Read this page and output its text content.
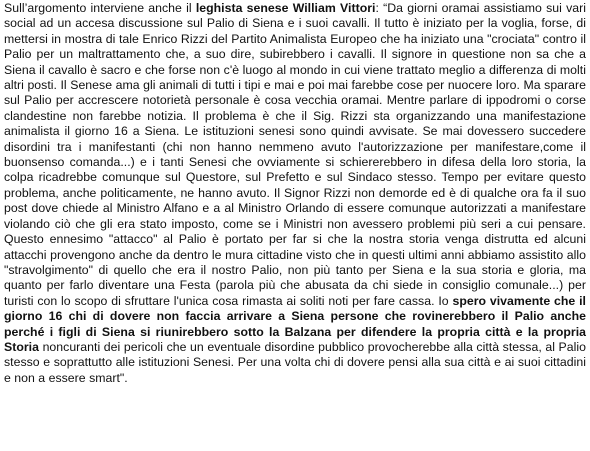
Sull’argomento interviene anche il leghista senese William Vittori: “Da giorni oramai assistiamo sui vari social ad un accesa discussione sul Palio di Siena e i suoi cavalli. Il tutto è iniziato per la voglia, forse, di mettersi in mostra di tale Enrico Rizzi del Partito Animalista Europeo che ha iniziato una "crociata" contro il Palio per un maltrattamento che, a suo dire, subirebbero i cavalli. Il signore in questione non sa che a Siena il cavallo è sacro e che forse non c'è luogo al mondo in cui viene trattato meglio a differenza di molti altri posti. Il Senese ama gli animali di tutti i tipi e mai e poi mai farebbe cose per nuocere loro. Ma sparare sul Palio per accrescere notorietà personale è cosa vecchia oramai. Mentre parlare di ippodromi o corse clandestine non farebbe notizia. Il problema è che il Sig. Rizzi sta organizzando una manifestazione animalista il giorno 16 a Siena. Le istituzioni senesi sono quindi avvisate. Se mai dovessero succedere disordini tra i manifestanti (chi non hanno nemmeno avuto l'autorizzazione per manifestare,come il buonsenso comanda...) e i tanti Senesi che ovviamente si schiererebbero in difesa della loro storia, la colpa ricadrebbe comunque sul Questore, sul Prefetto e sul Sindaco stesso. Tempo per evitare questo problema, anche politicamente, ne hanno avuto. Il Signor Rizzi non demorde ed è di qualche ora fa il suo post dove chiede al Ministro Alfano e a al Ministro Orlando di essere comunque autorizzati a manifestare violando ciò che gli era stato imposto, come se i Ministri non avessero problemi più seri a cui pensare. Questo ennesimo "attacco" al Palio è portato per far si che la nostra storia venga distrutta ed alcuni attacchi provengono anche da dentro le mura cittadine visto che in questi ultimi anni abbiamo assistito allo "stravolgimento" di quello che era il nostro Palio, non più tanto per Siena e la sua storia e gloria, ma quanto per farlo diventare una Festa (parola più che abusata da chi siede in consiglio comunale...) per turisti con lo scopo di sfruttare l'unica cosa rimasta ai soliti noti per fare cassa. Io spero vivamente che il giorno 16 chi di dovere non faccia arrivare a Siena persone che rovinerebbero il Palio anche perché i figli di Siena si riunirebbero sotto la Balzana per difendere la propria città e la propria Storia noncuranti dei pericoli che un eventuale disordine pubblico provocherebbe alla città stessa, al Palio stesso e soprattutto alle istituzioni Senesi. Per una volta chi di dovere pensi alla sua città e ai suoi cittadini e non a essere smart".
